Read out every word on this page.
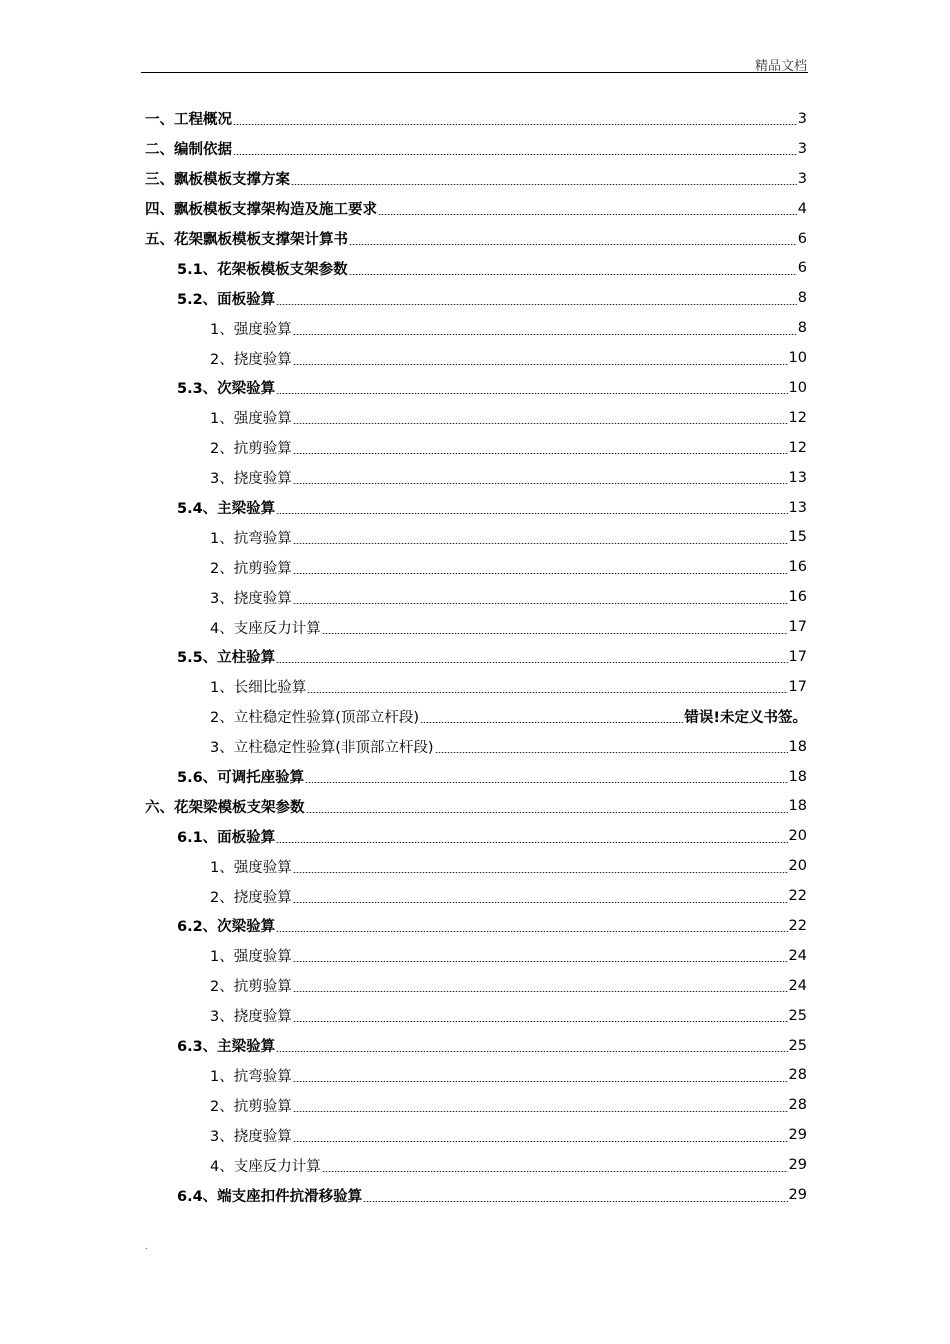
精品文档
一、工程概况	3
二、编制依据	3
三、飘板模板支撑方案	3
四、飘板模板支撑架构造及施工要求	4
五、花架飘板模板支撑架计算书	6
5.1、花架板模板支架参数	6
5.2、面板验算	8
1、强度验算	8
2、挠度验算	10
5.3、次梁验算	10
1、强度验算	12
2、抗剪验算	12
3、挠度验算	13
5.4、主梁验算	13
1、抗弯验算	15
2、抗剪验算	16
3、挠度验算	16
4、支座反力计算	17
5.5、立柱验算	17
1、长细比验算	17
2、立柱稳定性验算(顶部立杆段)	错误!未定义书签。
3、立柱稳定性验算(非顶部立杆段)	18
5.6、可调托座验算	18
六、花架梁模板支架参数	18
6.1、面板验算	20
1、强度验算	20
2、挠度验算	22
6.2、次梁验算	22
1、强度验算	24
2、抗剪验算	24
3、挠度验算	25
6.3、主梁验算	25
1、抗弯验算	28
2、抗剪验算	28
3、挠度验算	29
4、支座反力计算	29
6.4、端支座扣件抗滑移验算	29
.
